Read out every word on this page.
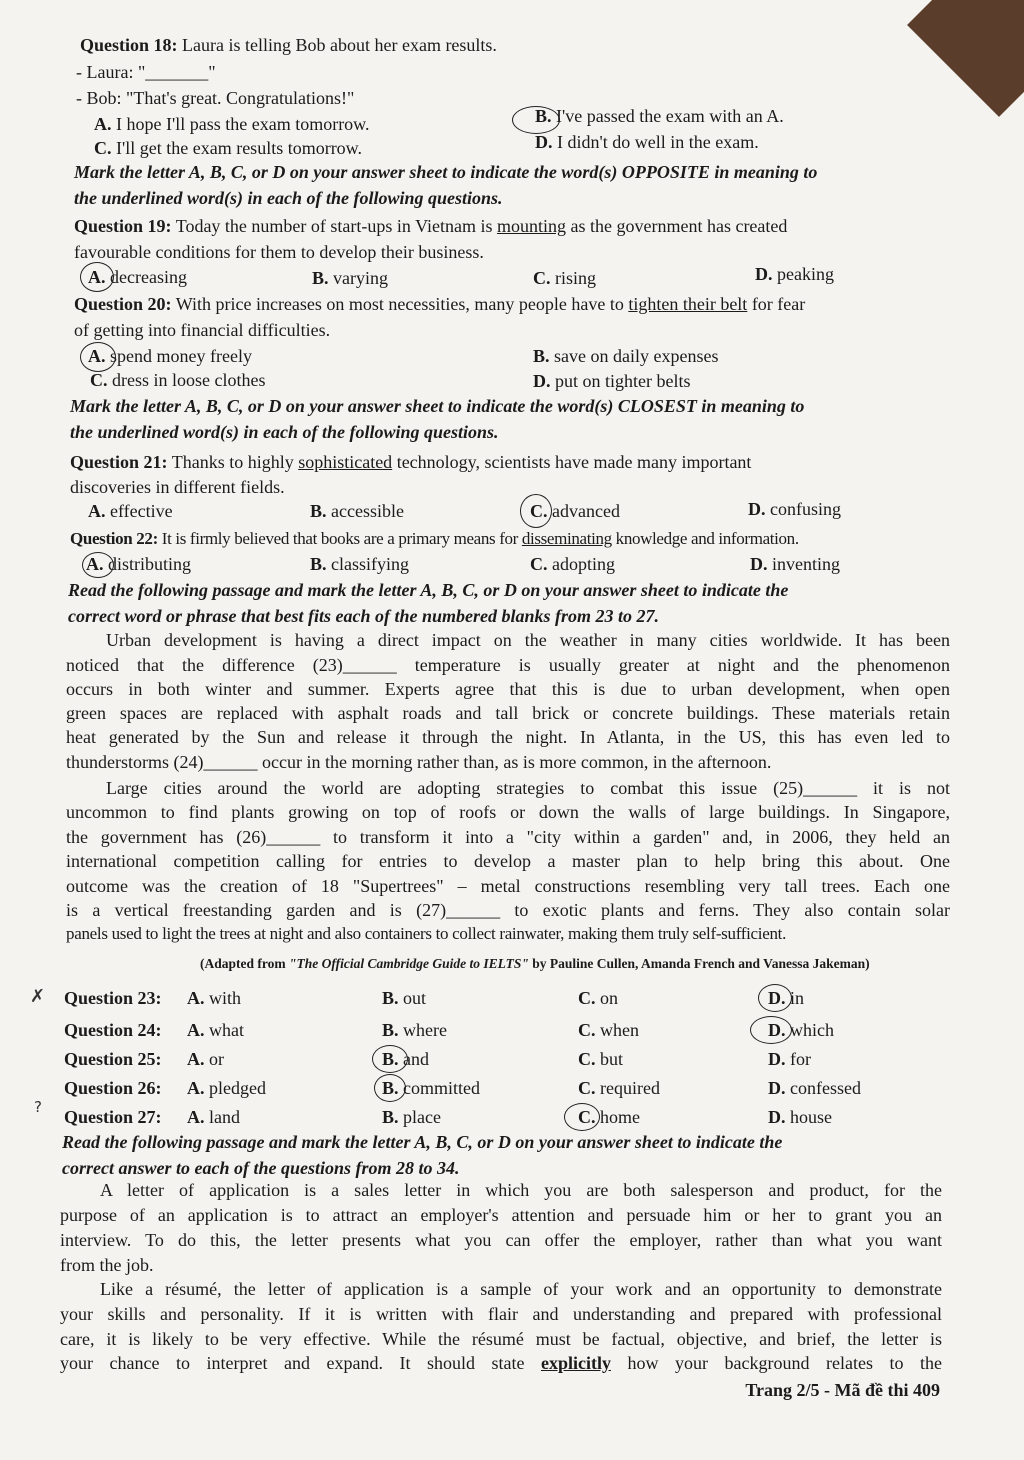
Question 18: Laura is telling Bob about her exam results.
- Laura: "_______"
- Bob: "That's great. Congratulations!"
A. I hope I'll pass the exam tomorrow.	B. I've passed the exam with an A.
C. I'll get the exam results tomorrow.	D. I didn't do well in the exam.
Mark the letter A, B, C, or D on your answer sheet to indicate the word(s) OPPOSITE in meaning to
the underlined word(s) in each of the following questions.
Question 19: Today the number of start-ups in Vietnam is mounting as the government has created
favourable conditions for them to develop their business.
A. decreasing	B. varying	C. rising	D. peaking
Question 20: With price increases on most necessities, many people have to tighten their belt for fear
of getting into financial difficulties.
A. spend money freely	B. save on daily expenses
C. dress in loose clothes	D. put on tighter belts
Mark the letter A, B, C, or D on your answer sheet to indicate the word(s) CLOSEST in meaning to
the underlined word(s) in each of the following questions.
Question 21: Thanks to highly sophisticated technology, scientists have made many important
discoveries in different fields.
A. effective	B. accessible	C. advanced	D. confusing
Question 22: It is firmly believed that books are a primary means for disseminating knowledge and information.
A. distributing	B. classifying	C. adopting	D. inventing
Read the following passage and mark the letter A, B, C, or D on your answer sheet to indicate the
correct word or phrase that best fits each of the numbered blanks from 23 to 27.
Urban development is having a direct impact on the weather in many cities worldwide. It has been
noticed that the difference (23)______ temperature is usually greater at night and the phenomenon
occurs in both winter and summer. Experts agree that this is due to urban development, when open
green spaces are replaced with asphalt roads and tall brick or concrete buildings. These materials retain
heat generated by the Sun and release it through the night. In Atlanta, in the US, this has even led to
thunderstorms (24)______ occur in the morning rather than, as is more common, in the afternoon.
Large cities around the world are adopting strategies to combat this issue (25)______ it is not
uncommon to find plants growing on top of roofs or down the walls of large buildings. In Singapore,
the government has (26)______ to transform it into a "city within a garden" and, in 2006, they held an
international competition calling for entries to develop a master plan to help bring this about. One
outcome was the creation of 18 "Supertrees" – metal constructions resembling very tall trees. Each one
is a vertical freestanding garden and is (27)______ to exotic plants and ferns. They also contain solar
panels used to light the trees at night and also containers to collect rainwater, making them truly self-sufficient.
(Adapted from "The Official Cambridge Guide to IELTS" by Pauline Cullen, Amanda French and Vanessa Jakeman)
Question 23: A. with	B. out	C. on	D. in
Question 24: A. what	B. where	C. when	D. which
Question 25: A. or	B. and	C. but	D. for
Question 26: A. pledged	B. committed	C. required	D. confessed
Question 27: A. land	B. place	C. home	D. house
✗
?
Read the following passage and mark the letter A, B, C, or D on your answer sheet to indicate the
correct answer to each of the questions from 28 to 34.
A letter of application is a sales letter in which you are both salesperson and product, for the
purpose of an application is to attract an employer's attention and persuade him or her to grant you an
interview. To do this, the letter presents what you can offer the employer, rather than what you want
from the job.
Like a résumé, the letter of application is a sample of your work and an opportunity to demonstrate
your skills and personality. If it is written with flair and understanding and prepared with professional
care, it is likely to be very effective. While the résumé must be factual, objective, and brief, the letter is
your chance to interpret and expand. It should state explicitly how your background relates to the
Trang 2/5 - Mã đề thi 409
